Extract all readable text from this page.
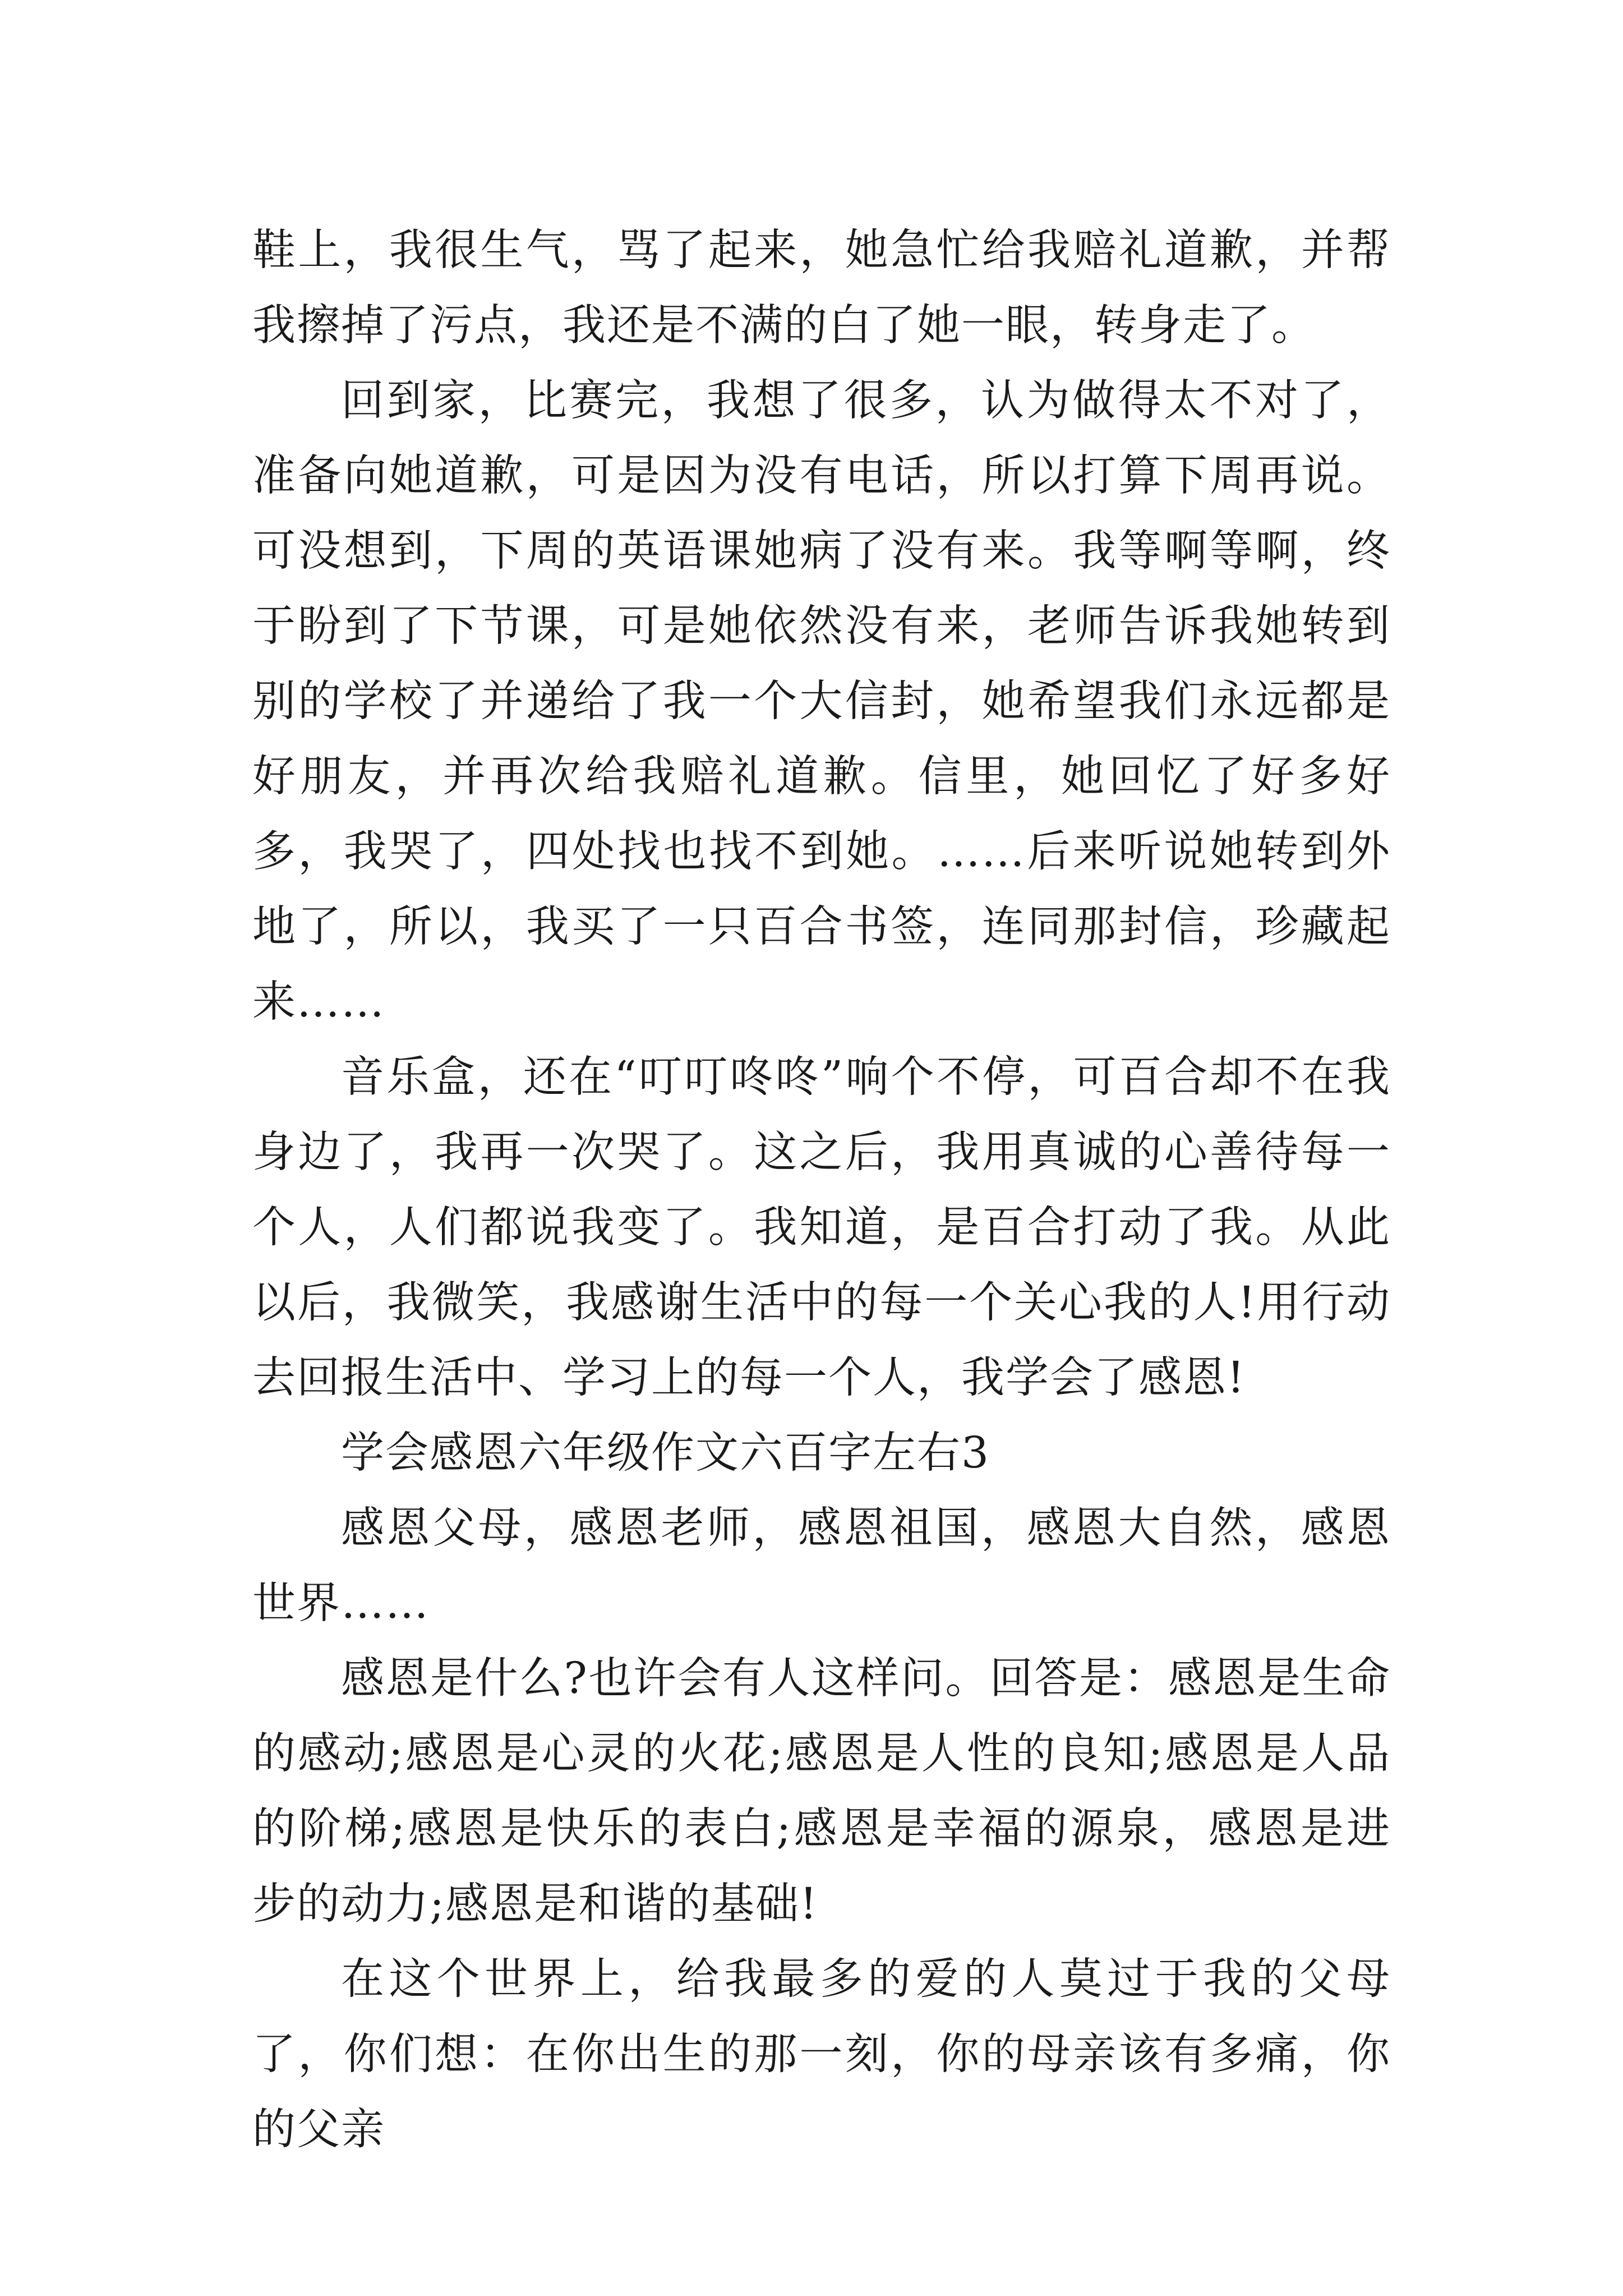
鞋上，我很生气，骂了起来，她急忙给我赔礼道歉，并帮我擦掉了污点，我还是不满的白了她一眼，转身走了。

回到家，比赛完，我想了很多，认为做得太不对了，准备向她道歉，可是因为没有电话，所以打算下周再说。可没想到，下周的英语课她病了没有来。我等啊等啊，终于盼到了下节课，可是她依然没有来，老师告诉我她转到别的学校了并递给了我一个大信封，她希望我们永远都是好朋友，并再次给我赔礼道歉。信里，她回忆了好多好多，我哭了，四处找也找不到她。……后来听说她转到外地了，所以，我买了一只百合书签，连同那封信，珍藏起来……

音乐盒，还在“叮叮咚咚”响个不停，可百合却不在我身边了，我再一次哭了。这之后，我用真诚的心善待每一个人，人们都说我变了。我知道，是百合打动了我。从此以后，我微笑，我感谢生活中的每一个关心我的人!用行动去回报生活中、学习上的每一个人，我学会了感恩!

学会感恩六年级作文六百字左右3

感恩父母，感恩老师，感恩祖国，感恩大自然，感恩世界……

感恩是什么?也许会有人这样问。回答是：感恩是生命的感动;感恩是心灵的火花;感恩是人性的良知;感恩是人品的阶梯;感恩是快乐的表白;感恩是幸福的源泉，感恩是进步的动力;感恩是和谐的基础!

在这个世界上，给我最多的爱的人莫过于我的父母了，你们想：在你出生的那一刻，你的母亲该有多痛，你的父亲
